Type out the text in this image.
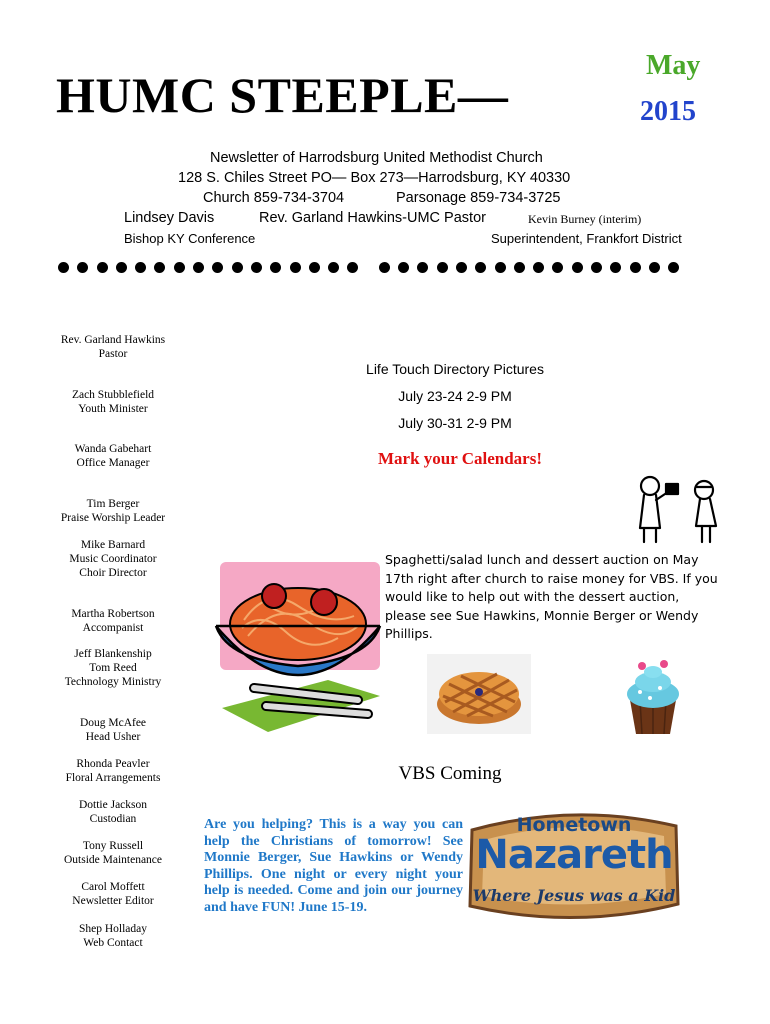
HUMC STEEPLE—
May
2015
Newsletter of Harrodsburg United Methodist Church
128 S. Chiles Street PO— Box 273—Harrodsburg, KY 40330
Church 859-734-3704	Parsonage 859-734-3725
Lindsey Davis	Rev. Garland Hawkins-UMC Pastor	Kevin Burney (interim)
Bishop KY Conference	Superintendent, Frankfort District
Rev. Garland Hawkins
Pastor
Zach Stubblefield
Youth Minister
Wanda Gabehart
Office Manager
Tim Berger
Praise Worship Leader
Mike Barnard
Music Coordinator
Choir Director
Martha Robertson
Accompanist
Jeff Blankenship
Tom Reed
Technology Ministry
Doug McAfee
Head Usher
Rhonda Peavler
Floral Arrangements
Dottie Jackson
Custodian
Tony Russell
Outside Maintenance
Carol Moffett
Newsletter Editor
Shep Holladay
Web Contact
Life Touch Directory Pictures
July 23-24 2-9 PM
July 30-31 2-9 PM
Mark your Calendars!
Spaghetti/salad lunch and dessert auction on May 17th right after church to raise money for VBS. If you would like to help out with the dessert auction, please see Sue Hawkins, Monnie Berger or Wendy Phillips.
VBS Coming
Are you helping? This is a way you can help the Christians of tomorrow! See Monnie Berger, Sue Hawkins or Wendy Phillips. One night or every night your help is needed. Come and join our journey and have FUN! June 15-19.
Hometown
Nazareth
Where Jesus was a Kid
